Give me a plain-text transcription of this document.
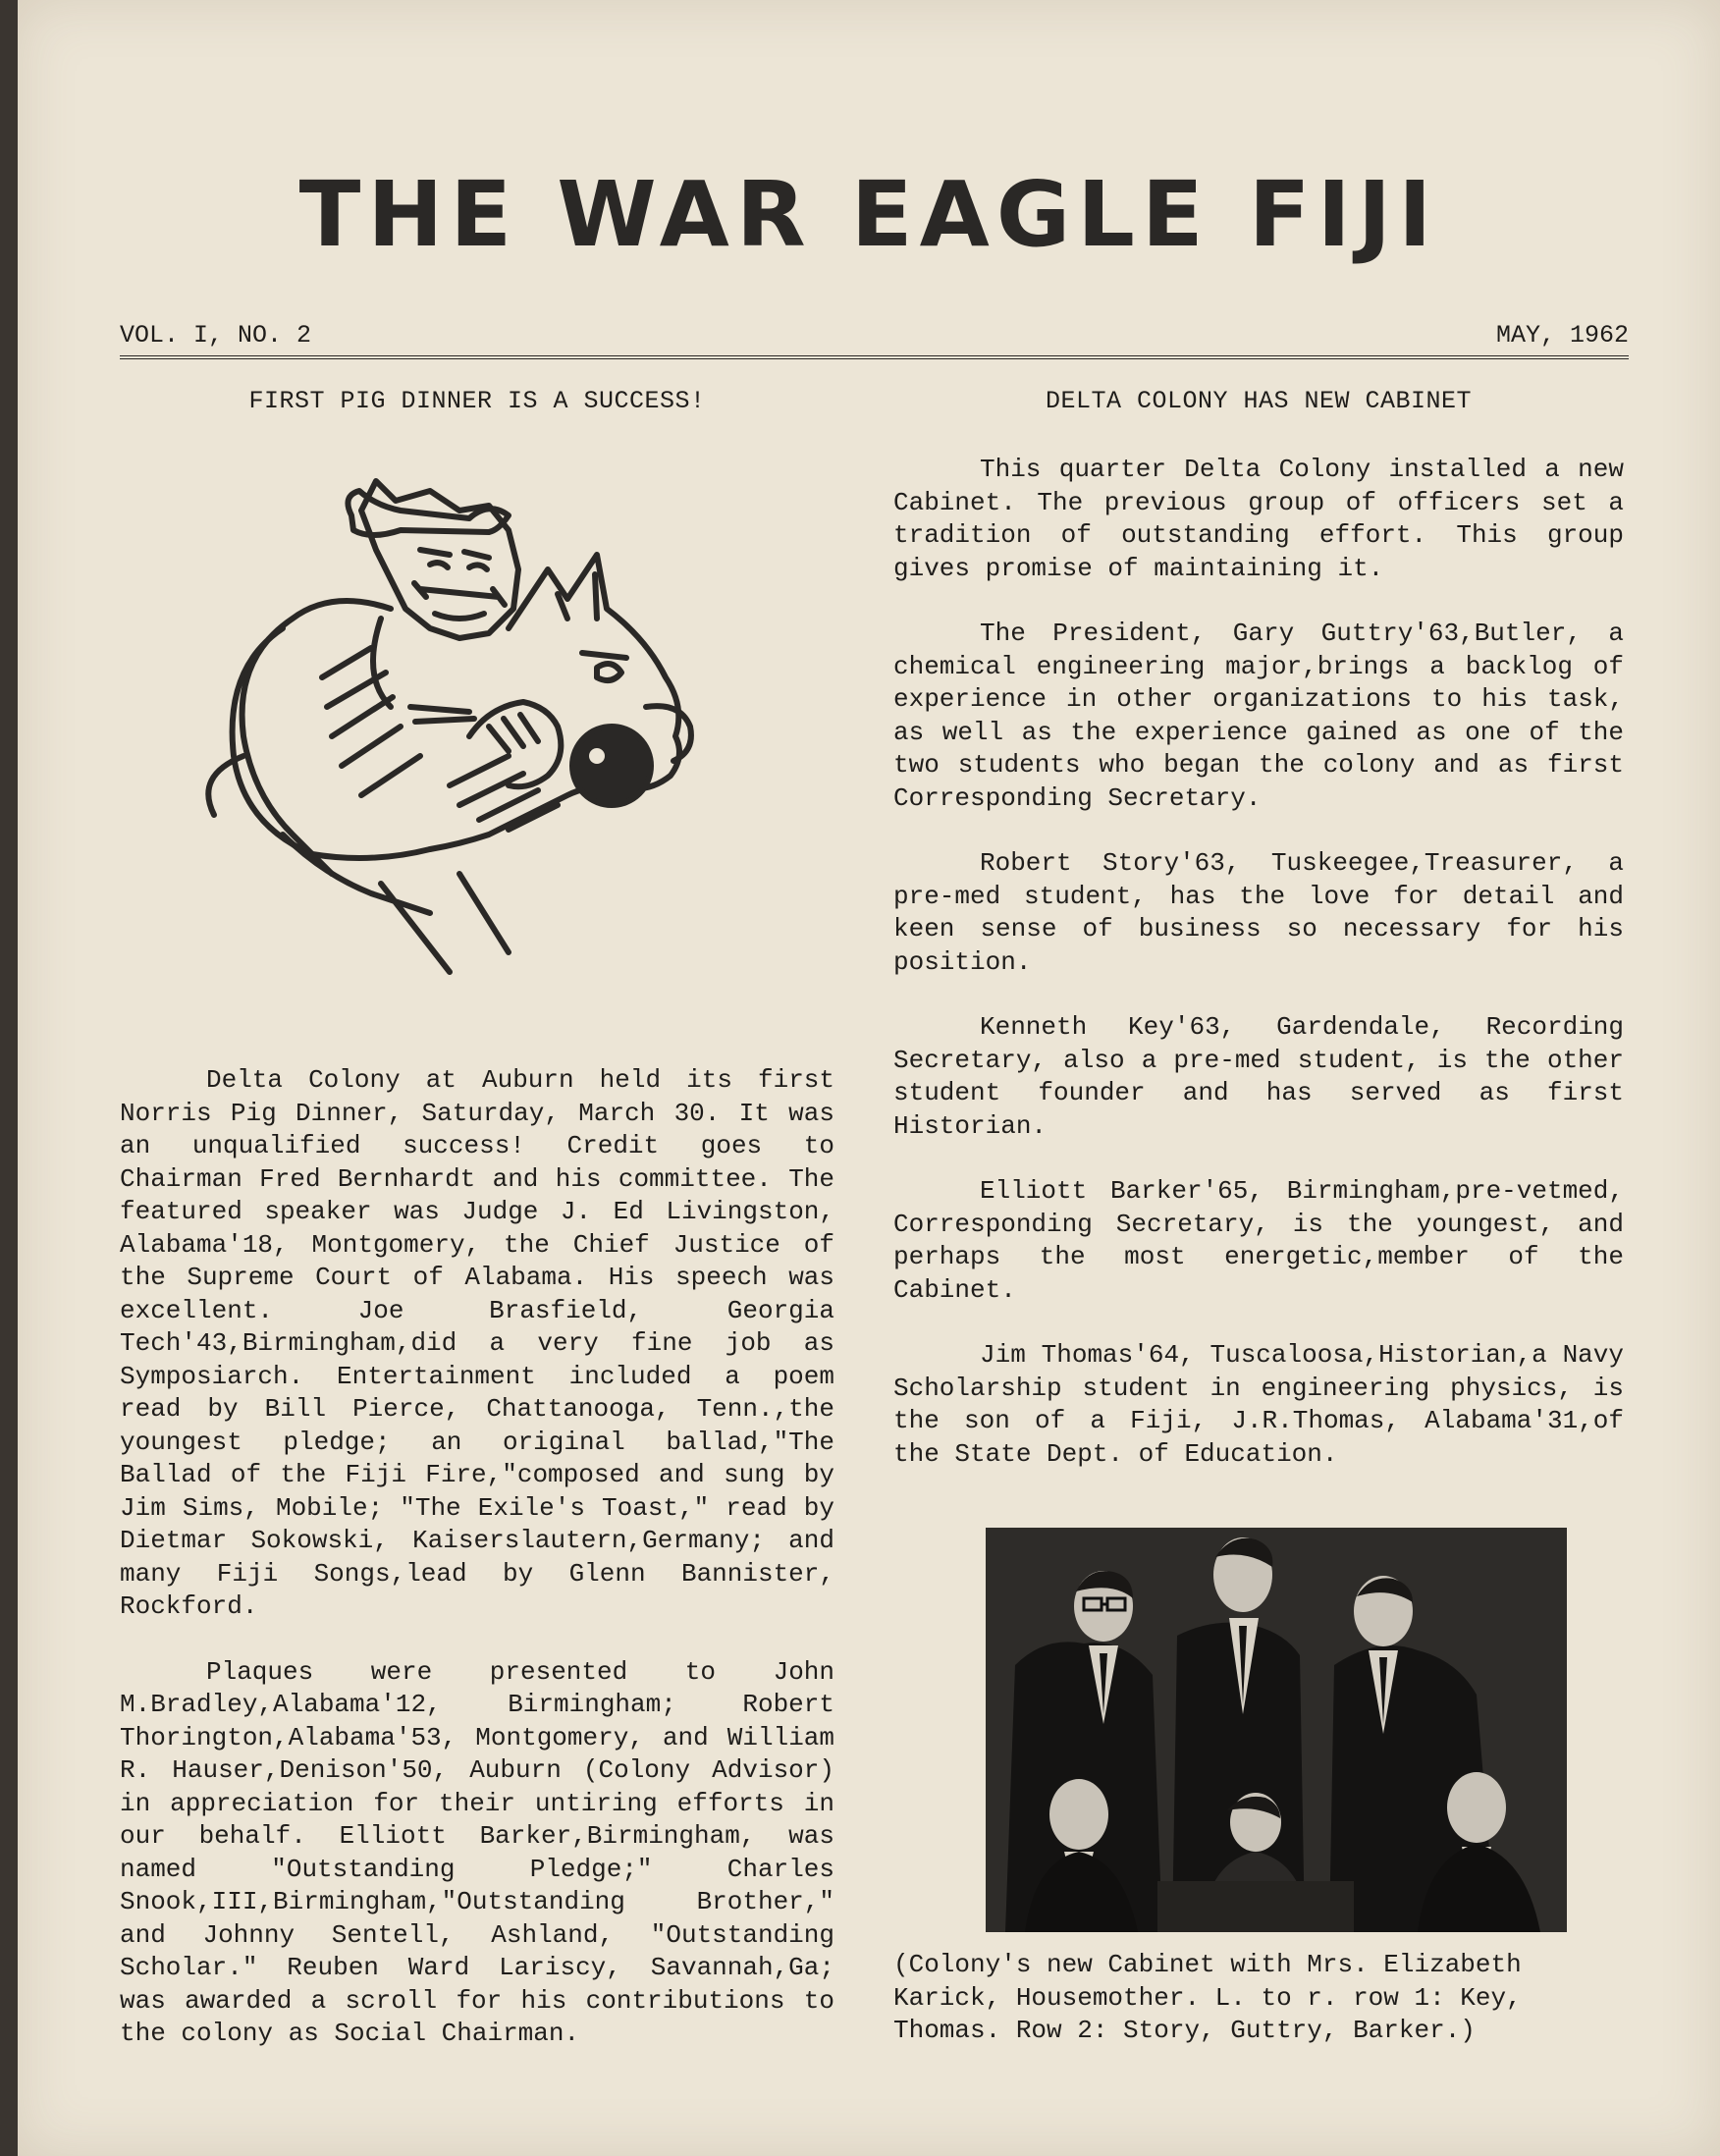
THE WAR EAGLE FIJI
VOL. I, NO. 2	MAY, 1962

FIRST PIG DINNER IS A SUCCESS!

Delta Colony at Auburn held its first Norris Pig Dinner, Saturday, March 30. It was an unqualified success! Credit goes to Chairman Fred Bernhardt and his committee. The featured speaker was Judge J. Ed Livingston, Alabama'18, Montgomery, the Chief Justice of the Supreme Court of Alabama. His speech was excellent. Joe Brasfield, Georgia Tech'43,Birmingham,did a very fine job as Symposiarch. Entertainment included a poem read by Bill Pierce, Chattanooga, Tenn.,the youngest pledge; an original ballad,"The Ballad of the Fiji Fire,"composed and sung by Jim Sims, Mobile; "The Exile's Toast," read by Dietmar Sokowski, Kaiserslautern,Germany; and many Fiji Songs,lead by Glenn Bannister, Rockford.

Plaques were presented to John M.Bradley,Alabama'12, Birmingham; Robert Thorington,Alabama'53, Montgomery, and William R. Hauser,Denison'50, Auburn (Colony Advisor) in appreciation for their untiring efforts in our behalf. Elliott Barker,Birmingham, was named "Outstanding Pledge;" Charles Snook,III,Birmingham,"Outstanding Brother," and Johnny Sentell, Ashland, "Outstanding Scholar." Reuben Ward Lariscy, Savannah,Ga; was awarded a scroll for his contributions to the colony as Social Chairman.

DELTA COLONY HAS NEW CABINET

This quarter Delta Colony installed a new Cabinet. The previous group of officers set a tradition of outstanding effort. This group gives promise of maintaining it.

The President, Gary Guttry'63,Butler, a chemical engineering major,brings a backlog of experience in other organizations to his task, as well as the experience gained as one of the two students who began the colony and as first Corresponding Secretary.

Robert Story'63, Tuskeegee,Treasurer, a pre-med student, has the love for detail and keen sense of business so necessary for his position.

Kenneth Key'63, Gardendale, Recording Secretary, also a pre-med student, is the other student founder and has served as first Historian.

Elliott Barker'65, Birmingham,pre-vetmed, Corresponding Secretary, is the youngest, and perhaps the most energetic,member of the Cabinet.

Jim Thomas'64, Tuscaloosa,Historian,a Navy Scholarship student in engineering physics, is the son of a Fiji, J.R.Thomas, Alabama'31,of the State Dept. of Education.

(Colony's new Cabinet with Mrs. Elizabeth Karick, Housemother. L. to r. row 1: Key, Thomas. Row 2: Story, Guttry, Barker.)
